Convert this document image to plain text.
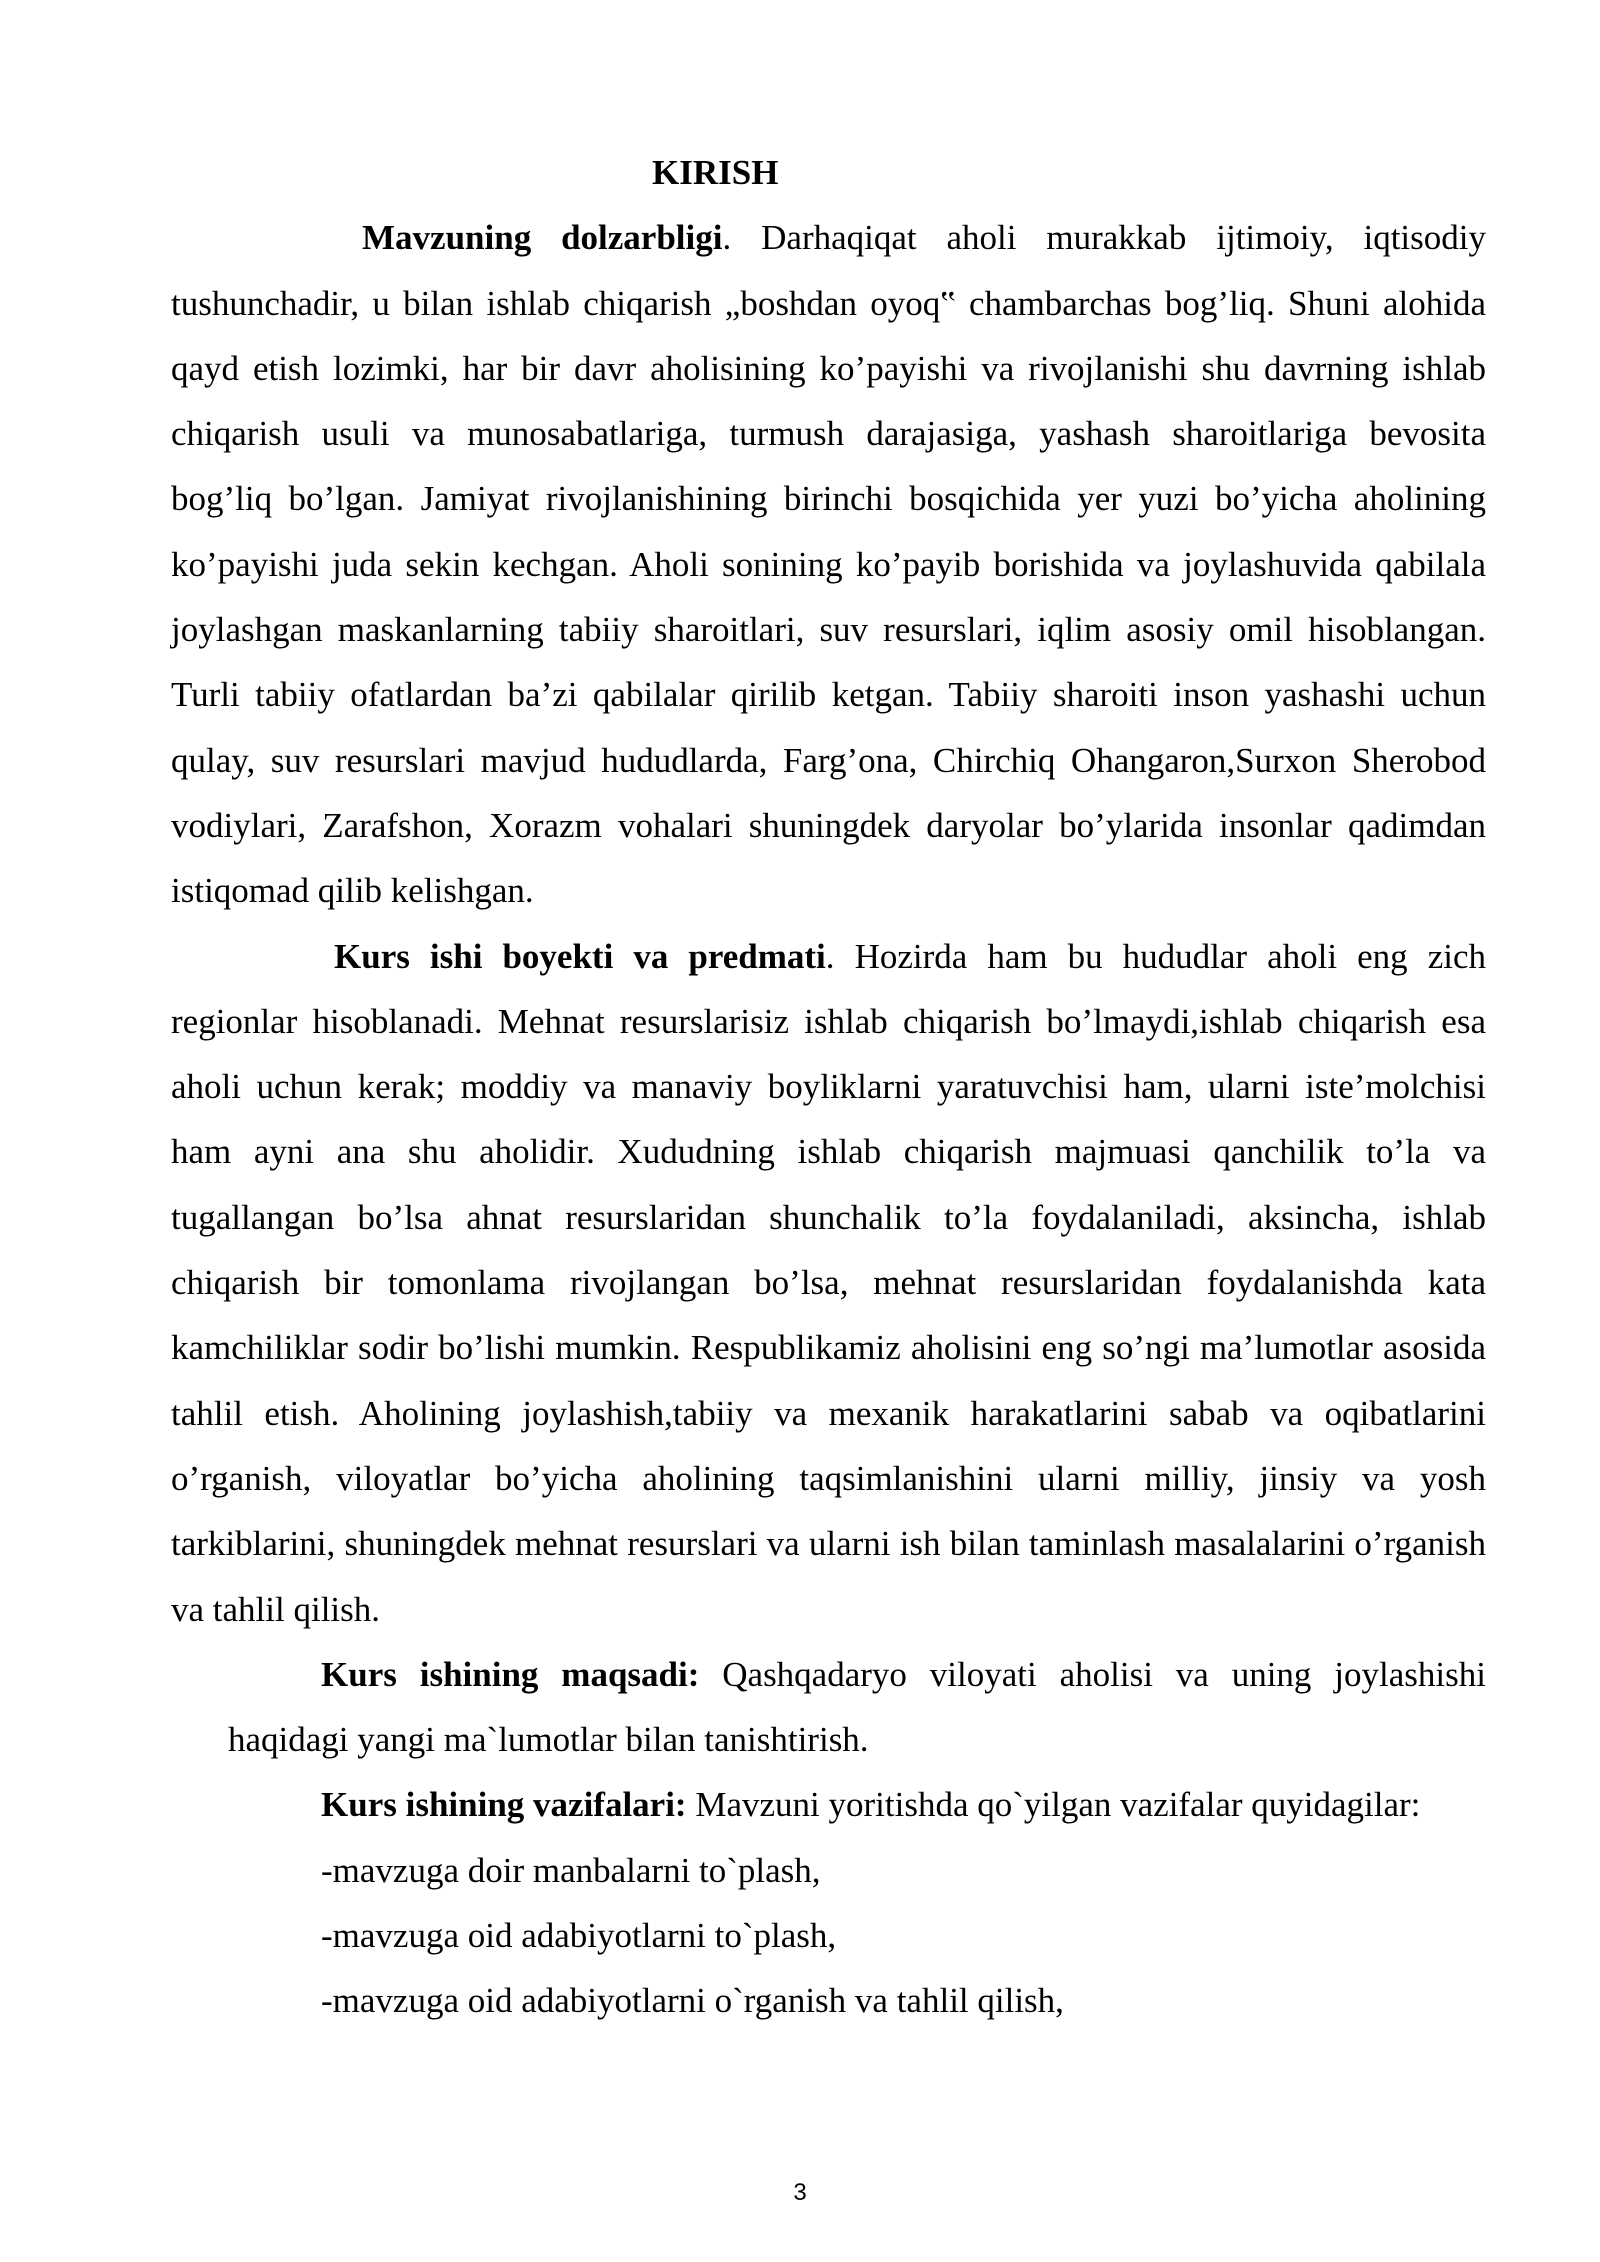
KIRISH

Mavzuning dolzarbligi. Darhaqiqat aholi murakkab ijtimoiy, iqtisodiy tushunchadir, u bilan ishlab chiqarish „boshdan oyoq‟ chambarchas bog’liq. Shuni alohida qayd etish lozimki, har bir davr aholisining ko’payishi va rivojlanishi shu davrning ishlab chiqarish usuli va munosabatlariga, turmush darajasiga, yashash sharoitlariga bevosita bog’liq bo’lgan. Jamiyat rivojlanishining birinchi bosqichida yer yuzi bo’yicha aholining ko’payishi juda sekin kechgan. Aholi sonining ko’payib borishida va joylashuvida qabilala joylashgan maskanlarning tabiiy sharoitlari, suv resurslari, iqlim asosiy omil hisoblangan. Turli tabiiy ofatlardan ba’zi qabilalar qirilib ketgan. Tabiiy sharoiti inson yashashi uchun qulay, suv resurslari mavjud hududlarda, Farg’ona, Chirchiq Ohangaron,Surxon Sherobod vodiylari, Zarafshon, Xorazm vohalari shuningdek daryolar bo’ylarida insonlar qadimdan istiqomad qilib kelishgan.

Kurs ishi boyekti va predmati. Hozirda ham bu hududlar aholi eng zich regionlar hisoblanadi. Mehnat resurslarisiz ishlab chiqarish bo’lmaydi,ishlab chiqarish esa aholi uchun kerak; moddiy va manaviy boyliklarni yaratuvchisi ham, ularni iste’molchisi ham ayni ana shu aholidir. Xududning ishlab chiqarish majmuasi qanchilik to’la va tugallangan bo’lsa ahnat resurslaridan shunchalik to’la foydalaniladi, aksincha, ishlab chiqarish bir tomonlama rivojlangan bo’lsa, mehnat resurslaridan foydalanishda kata kamchiliklar sodir bo’lishi mumkin. Respublikamiz aholisini eng so’ngi ma’lumotlar asosida tahlil etish. Aholining joylashish,tabiiy va mexanik harakatlarini sabab va oqibatlarini o’rganish, viloyatlar bo’yicha aholining taqsimlanishini ularni milliy, jinsiy va yosh tarkiblarini, shuningdek mehnat resurslari va ularni ish bilan taminlash masalalarini o’rganish va tahlil qilish.

Kurs ishining maqsadi: Qashqadaryo viloyati aholisi va uning joylashishi haqidagi yangi ma`lumotlar bilan tanishtirish.

Kurs ishining vazifalari: Mavzuni yoritishda qo`yilgan vazifalar quyidagilar:

-mavzuga doir manbalarni to`plash,

-mavzuga oid adabiyotlarni to`plash,

-mavzuga oid adabiyotlarni o`rganish va tahlil qilish,

3
